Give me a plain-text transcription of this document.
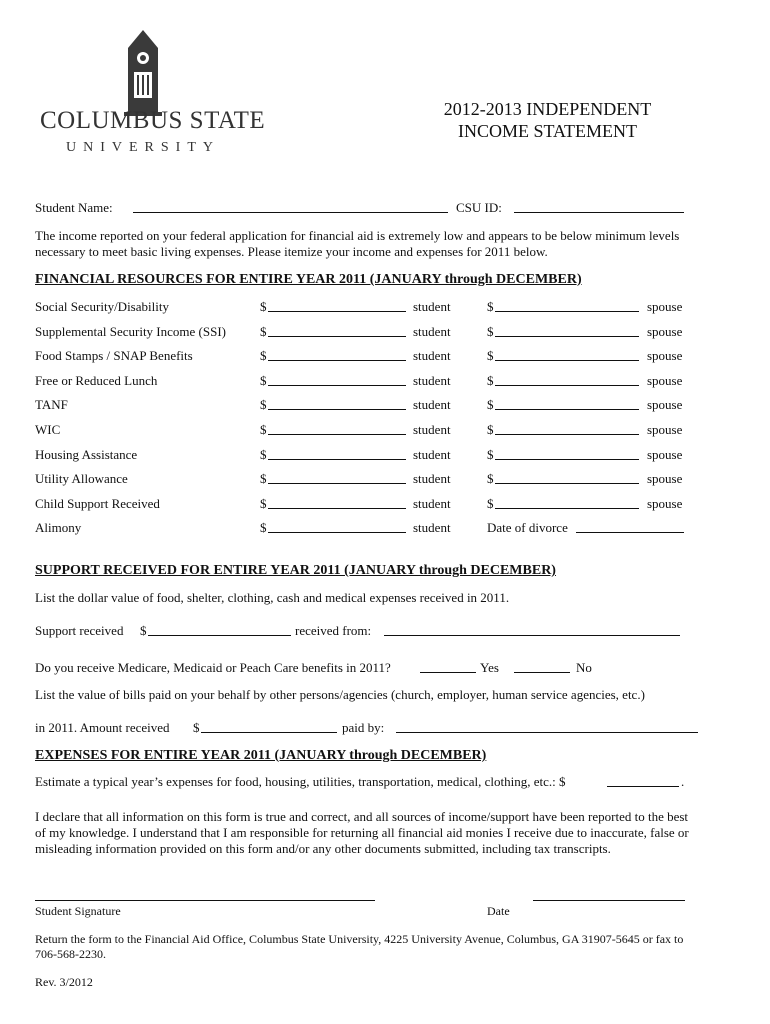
COLUMBUS STATE
UNIVERSITY
2012-2013 INDEPENDENT
INCOME STATEMENT
Student Name:	CSU ID:
The income reported on your federal application for financial aid is extremely low and appears to be below minimum levels necessary to meet basic living expenses. Please itemize your income and expenses for 2011 below.
FINANCIAL RESOURCES FOR ENTIRE YEAR 2011 (JANUARY through DECEMBER)
Social Security/Disability	$	student	$	spouse
Supplemental Security Income (SSI)	$	student	$	spouse
Food Stamps / SNAP Benefits	$	student	$	spouse
Free or Reduced Lunch	$	student	$	spouse
TANF	$	student	$	spouse
WIC	$	student	$	spouse
Housing Assistance	$	student	$	spouse
Utility Allowance	$	student	$	spouse
Child Support Received	$	student	$	spouse
Alimony	$	student	Date of divorce
SUPPORT RECEIVED FOR ENTIRE YEAR 2011 (JANUARY through DECEMBER)
List the dollar value of food, shelter, clothing, cash and medical expenses received in 2011.
Support received $	received from:
Do you receive Medicare, Medicaid or Peach Care benefits in 2011?	Yes	No
List the value of bills paid on your behalf by other persons/agencies (church, employer, human service agencies, etc.)
in 2011. Amount received $	paid by:
EXPENSES FOR ENTIRE YEAR 2011 (JANUARY through DECEMBER)
Estimate a typical year’s expenses for food, housing, utilities, transportation, medical, clothing, etc.: $	.
I declare that all information on this form is true and correct, and all sources of income/support have been reported to the best of my knowledge. I understand that I am responsible for returning all financial aid monies I receive due to inaccurate, false or misleading information provided on this form and/or any other documents submitted, including tax transcripts.
Student Signature	Date
Return the form to the Financial Aid Office, Columbus State University, 4225 University Avenue, Columbus, GA 31907-5645 or fax to 706-568-2230.
Rev. 3/2012
